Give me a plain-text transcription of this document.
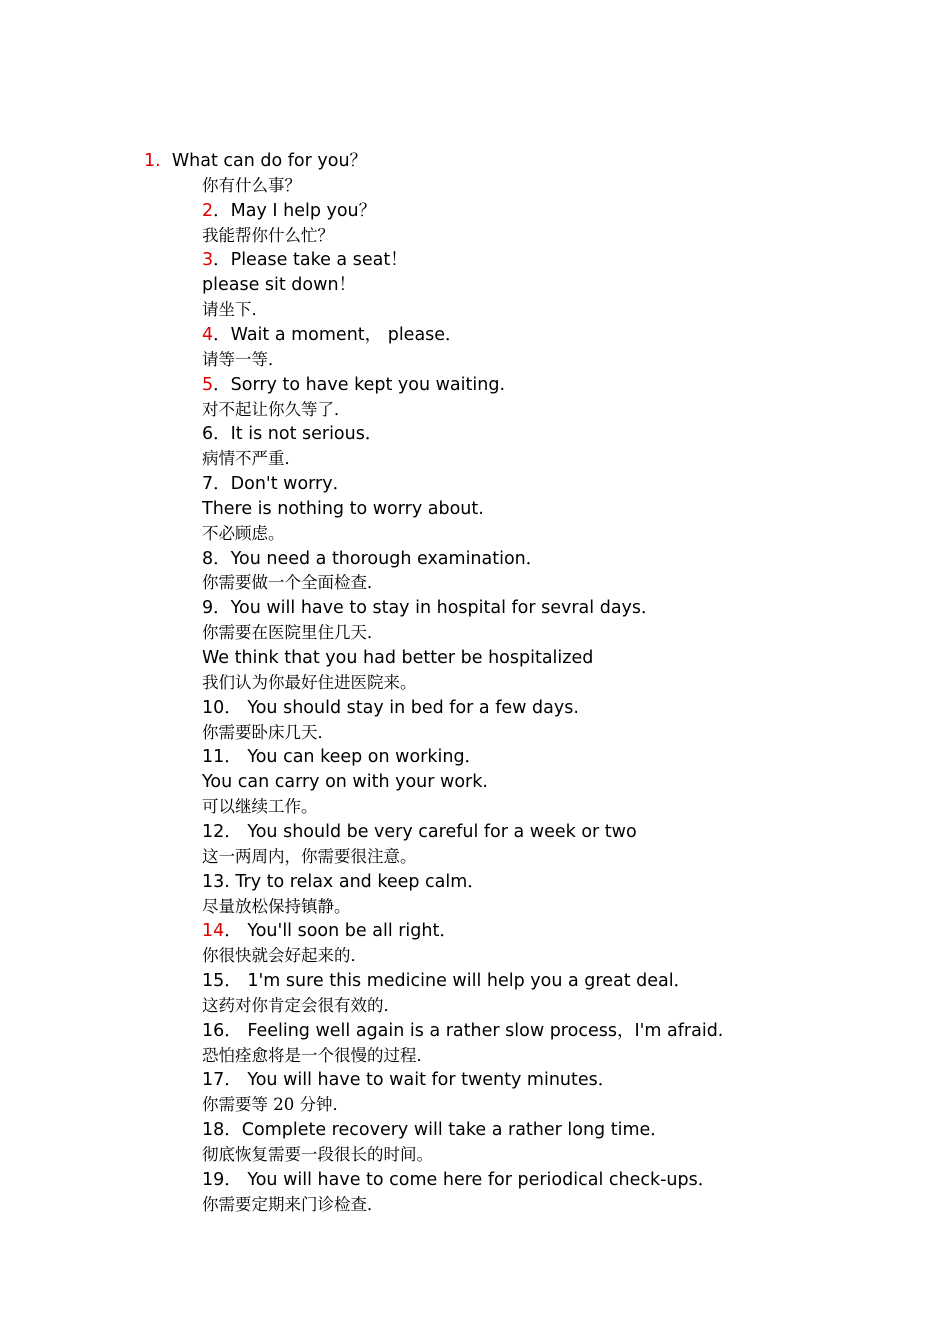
1.  What can do for you？
你有什么事？
2．May I help you？
我能帮你什么忙？
3．Please take a seat！
please sit down！
请坐下．
4．Wait a moment， please．
请等一等．
5．Sorry to have kept you waiting.
对不起让你久等了．
6．It is not serious．
病情不严重．
7．Don't worry．
There is nothing to worry about.
不必顾虑。
8．You need a thorough examination．
你需要做一个全面检查．
9．You will have to stay in hospital for sevral days．
你需要在医院里住几天．
We think that you had better be hospitalized
我们认为你最好住进医院来。
10． You should stay in bed for a few days.
你需要卧床几天．
11． You can keep on working．
You can carry on with your work.
可以继续工作。
12． You should be very careful for a week or two
这一两周内，你需要很注意。
13. Try to relax and keep calm．
尽量放松保持镇静。
14． You'll soon be all right．
你很快就会好起来的．
15． 1'm sure this medicine will help you a great deal．
这药对你肯定会很有效的．
16． Feeling well again is a rather slow process，I'm afraid.
恐怕痊愈将是一个很慢的过程．
17． You will have to wait for twenty minutes．
你需要等 20 分钟．
18．Complete recovery will take a rather long time．
彻底恢复需要一段很长的时间。
19． You will have to come here for periodical check-ups．
你需要定期来门诊检查．
